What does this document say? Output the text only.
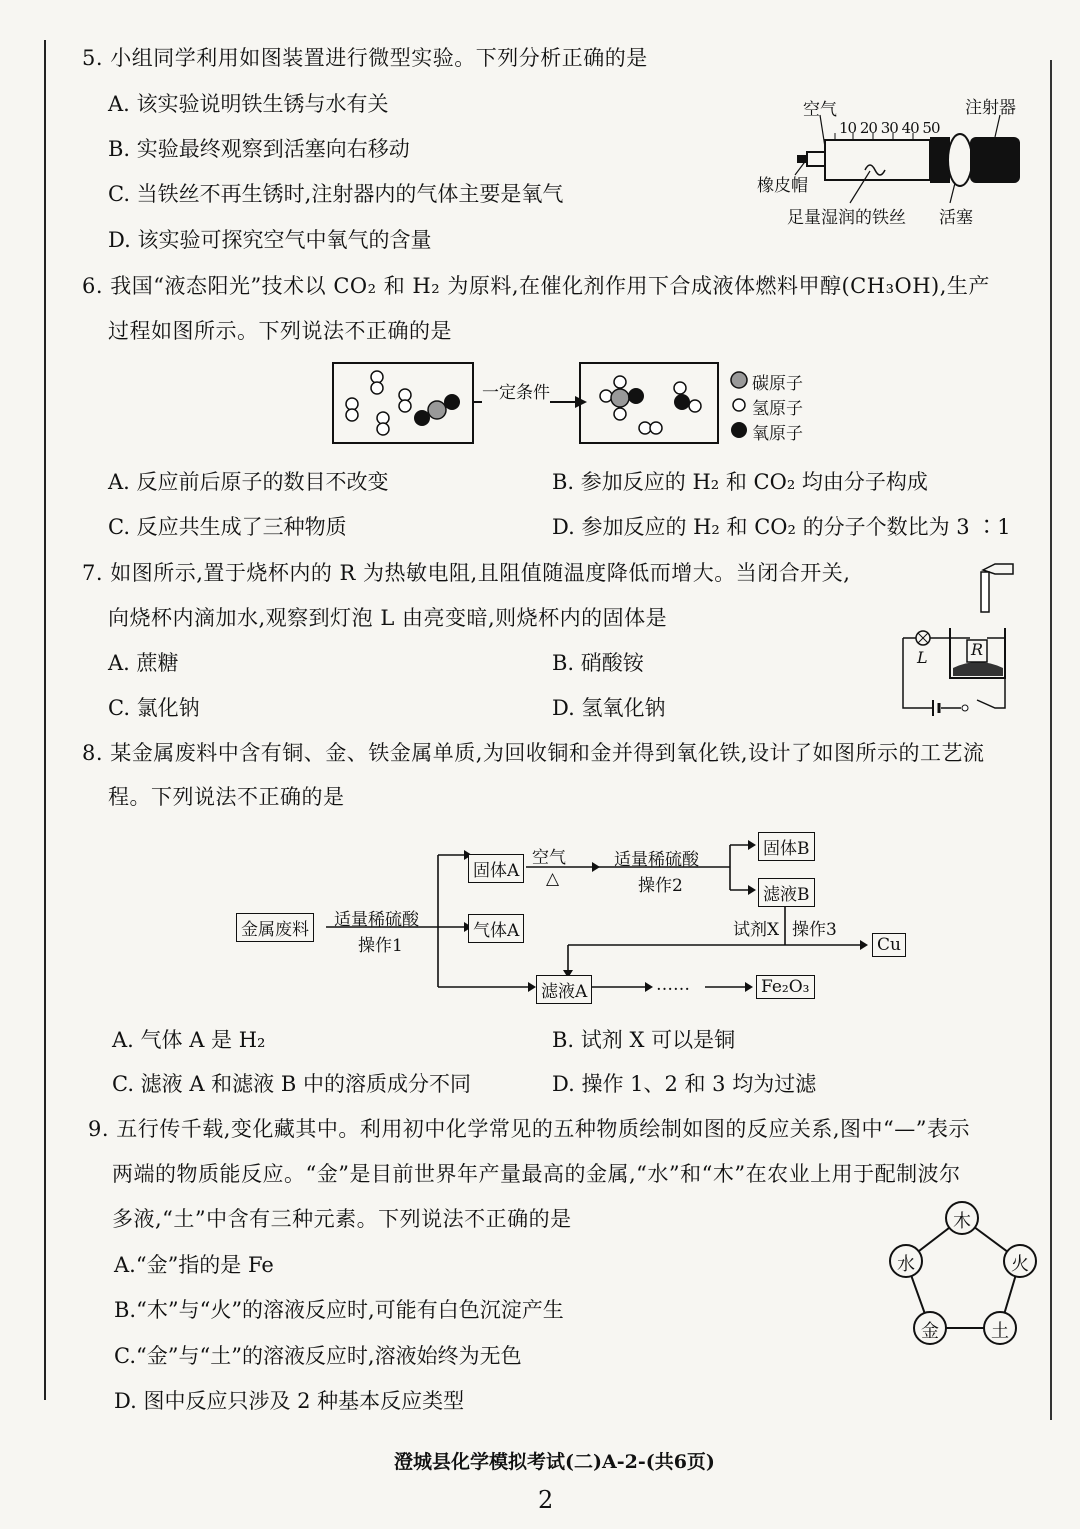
5. 小组同学利用如图装置进行微型实验。下列分析正确的是
A. 该实验说明铁生锈与水有关
B. 实验最终观察到活塞向右移动
C. 当铁丝不再生锈时,注射器内的气体主要是氧气
D. 该实验可探究空气中氧气的含量
空气	注射器
10 20 30 40 50
橡皮帽
足量湿润的铁丝 活塞
6. 我国“液态阳光”技术以 CO₂ 和 H₂ 为原料,在催化剂作用下合成液体燃料甲醇(CH₃OH),生产
过程如图所示。下列说法不正确的是
一定条件	碳原子
氢原子
氧原子
A. 反应前后原子的数目不改变	B. 参加反应的 H₂ 和 CO₂ 均由分子构成
C. 反应共生成了三种物质	D. 参加反应的 H₂ 和 CO₂ 的分子个数比为 3 ∶1
7. 如图所示,置于烧杯内的 R 为热敏电阻,且阻值随温度降低而增大。当闭合开关,
向烧杯内滴加水,观察到灯泡 L 由亮变暗,则烧杯内的固体是
A. 蔗糖	B. 硝酸铵
C. 氯化钠	D. 氢氧化钠
L	R
8. 某金属废料中含有铜、金、铁金属单质,为回收铜和金并得到氧化铁,设计了如图所示的工艺流
程。下列说法不正确的是
金属废料 适量稀硫酸
操作1
固体A
气体A
滤液A
空气
△
适量稀硫酸
操作2
固体B
滤液B
试剂X 操作3
Cu
……	Fe₂O₃
A. 气体 A 是 H₂	B. 试剂 X 可以是铜
C. 滤液 A 和滤液 B 中的溶质成分不同	D. 操作 1、2 和 3 均为过滤
9. 五行传千载,变化藏其中。利用初中化学常见的五种物质绘制如图的反应关系,图中“—”表示
两端的物质能反应。“金”是目前世界年产量最高的金属,“水”和“木”在农业上用于配制波尔
多液,“土”中含有三种元素。下列说法不正确的是
A.“金”指的是 Fe
B.“木”与“火”的溶液反应时,可能有白色沉淀产生
C.“金”与“土”的溶液反应时,溶液始终为无色
D. 图中反应只涉及 2 种基本反应类型
木
水	火
金	土
澄城县化学模拟考试(二)A-2-(共6页)
2
